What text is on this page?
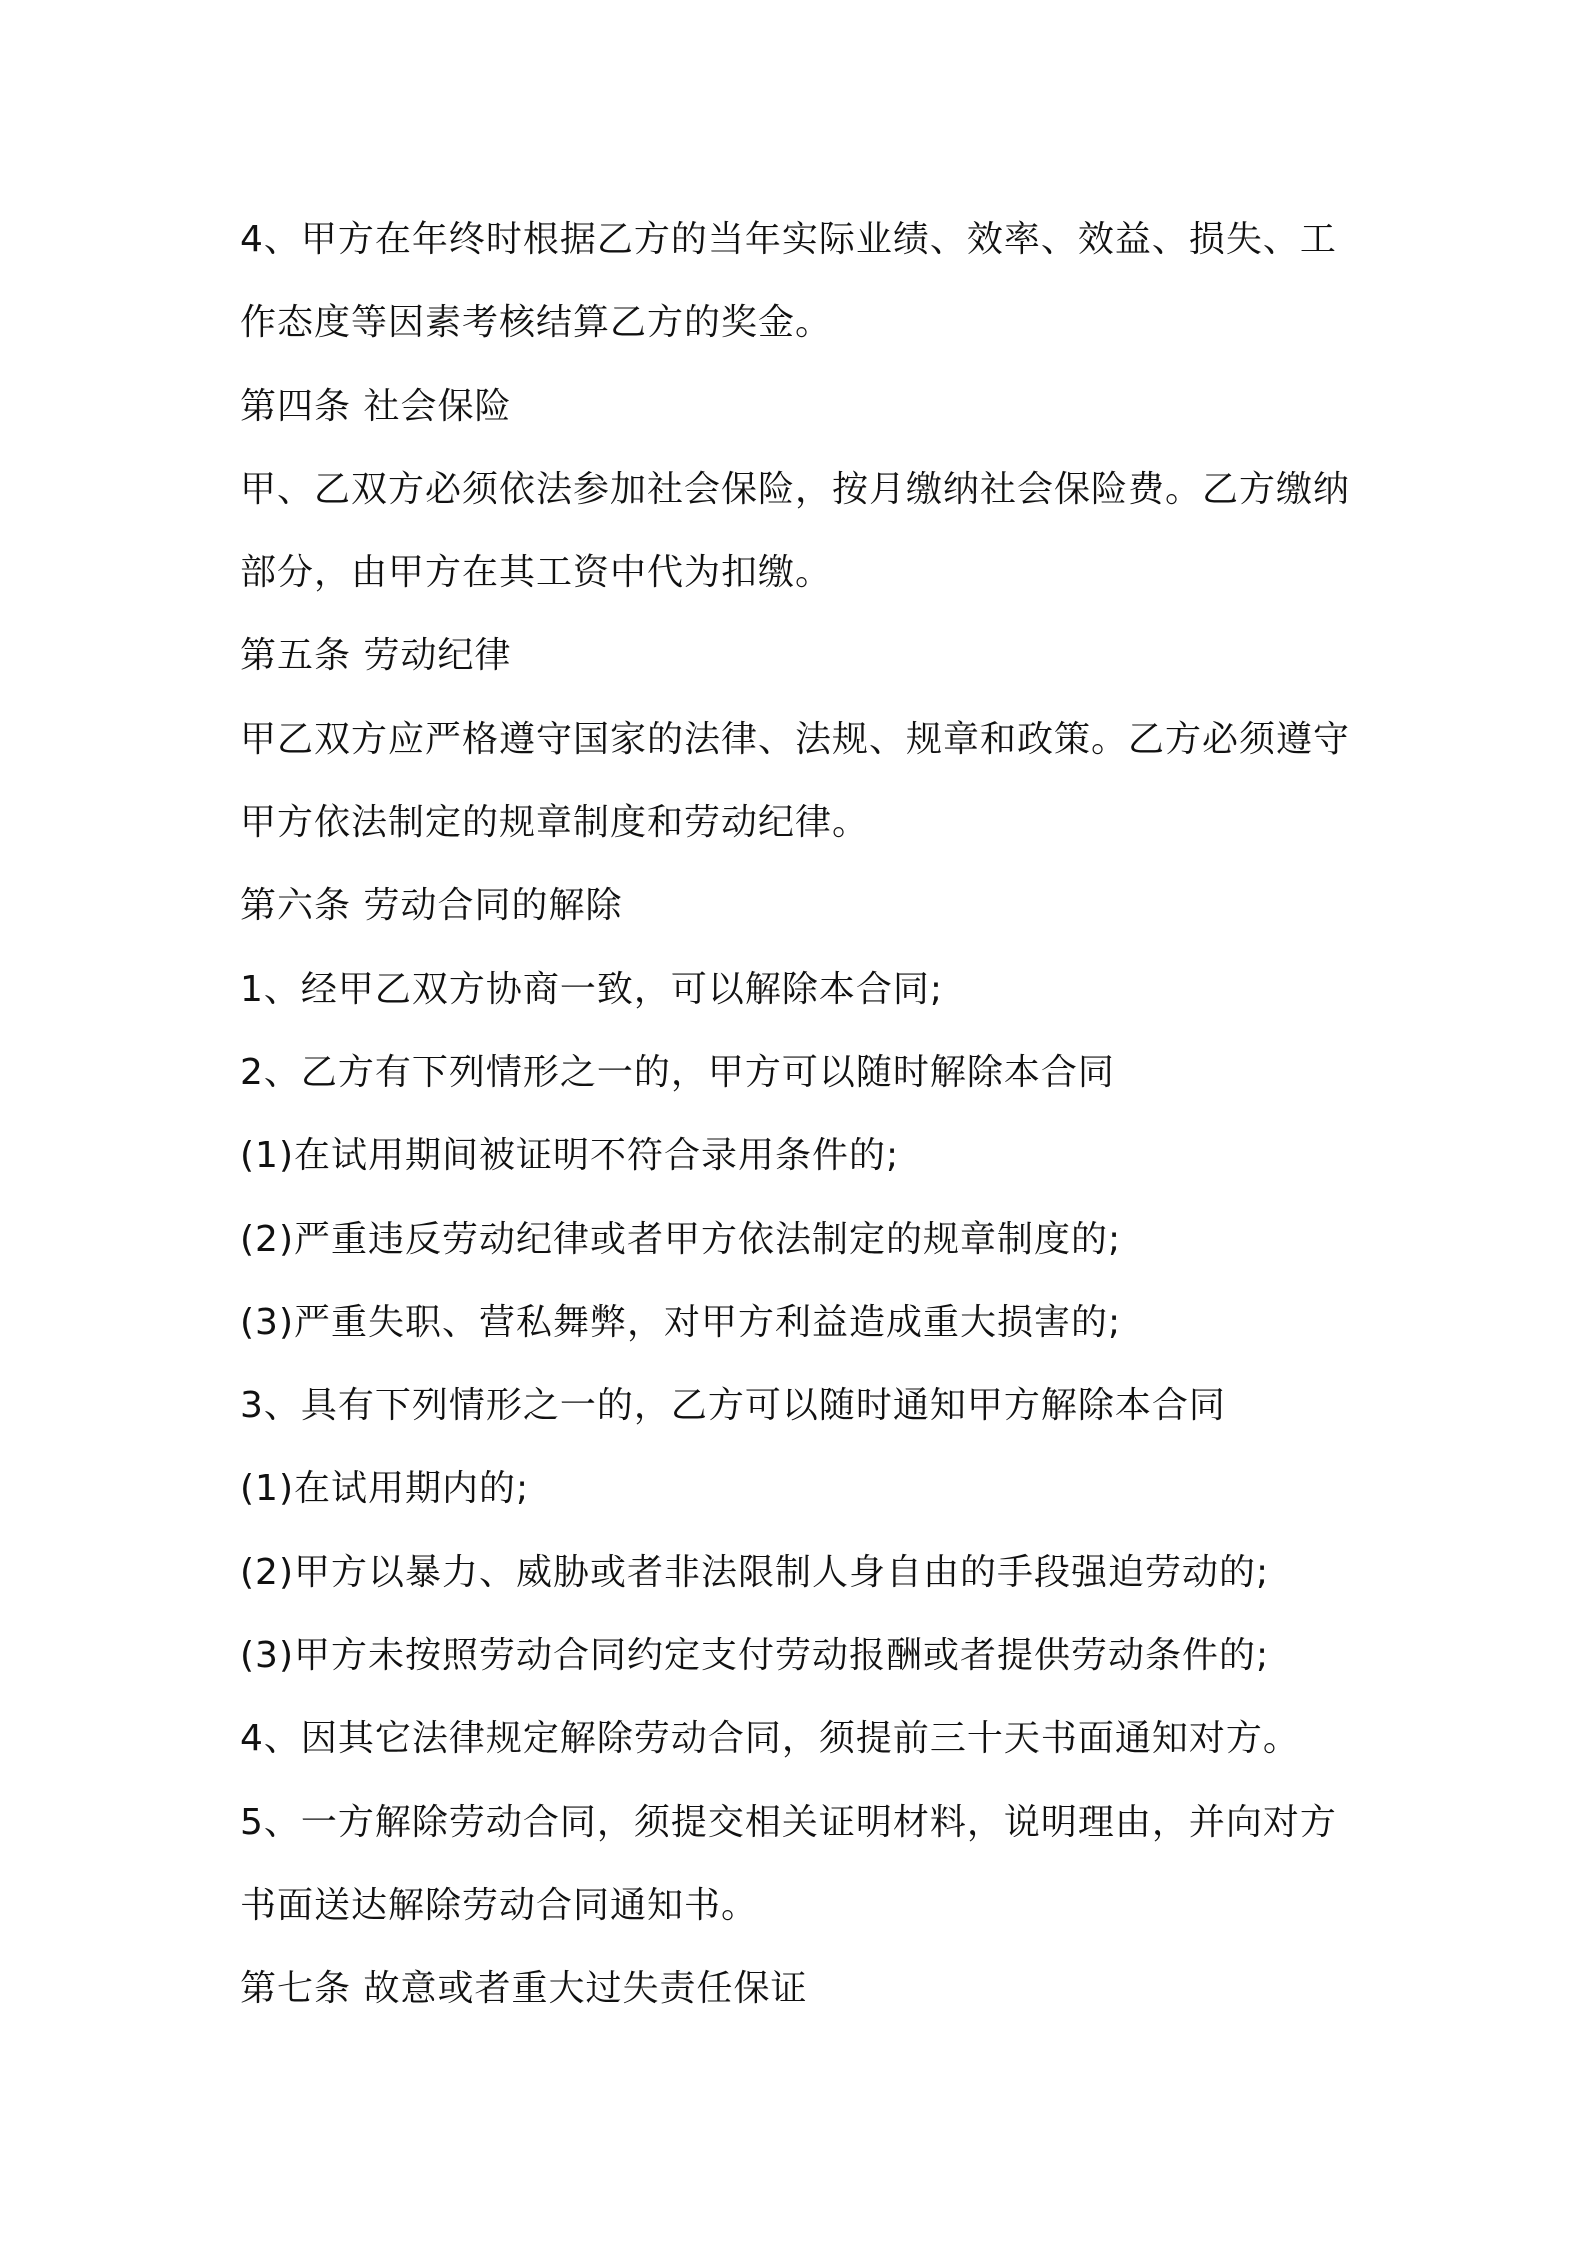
4、甲方在年终时根据乙方的当年实际业绩、效率、效益、损失、工
作态度等因素考核结算乙方的奖金。
第四条 社会保险
甲、乙双方必须依法参加社会保险，按月缴纳社会保险费。乙方缴纳
部分，由甲方在其工资中代为扣缴。
第五条 劳动纪律
甲乙双方应严格遵守国家的法律、法规、规章和政策。乙方必须遵守
甲方依法制定的规章制度和劳动纪律。
第六条 劳动合同的解除
1、经甲乙双方协商一致，可以解除本合同;
2、乙方有下列情形之一的，甲方可以随时解除本合同
(1)在试用期间被证明不符合录用条件的;
(2)严重违反劳动纪律或者甲方依法制定的规章制度的;
(3)严重失职、营私舞弊，对甲方利益造成重大损害的;
3、具有下列情形之一的，乙方可以随时通知甲方解除本合同
(1)在试用期内的;
(2)甲方以暴力、威胁或者非法限制人身自由的手段强迫劳动的;
(3)甲方未按照劳动合同约定支付劳动报酬或者提供劳动条件的;
4、因其它法律规定解除劳动合同，须提前三十天书面通知对方。
5、一方解除劳动合同，须提交相关证明材料，说明理由，并向对方
书面送达解除劳动合同通知书。
第七条 故意或者重大过失责任保证
